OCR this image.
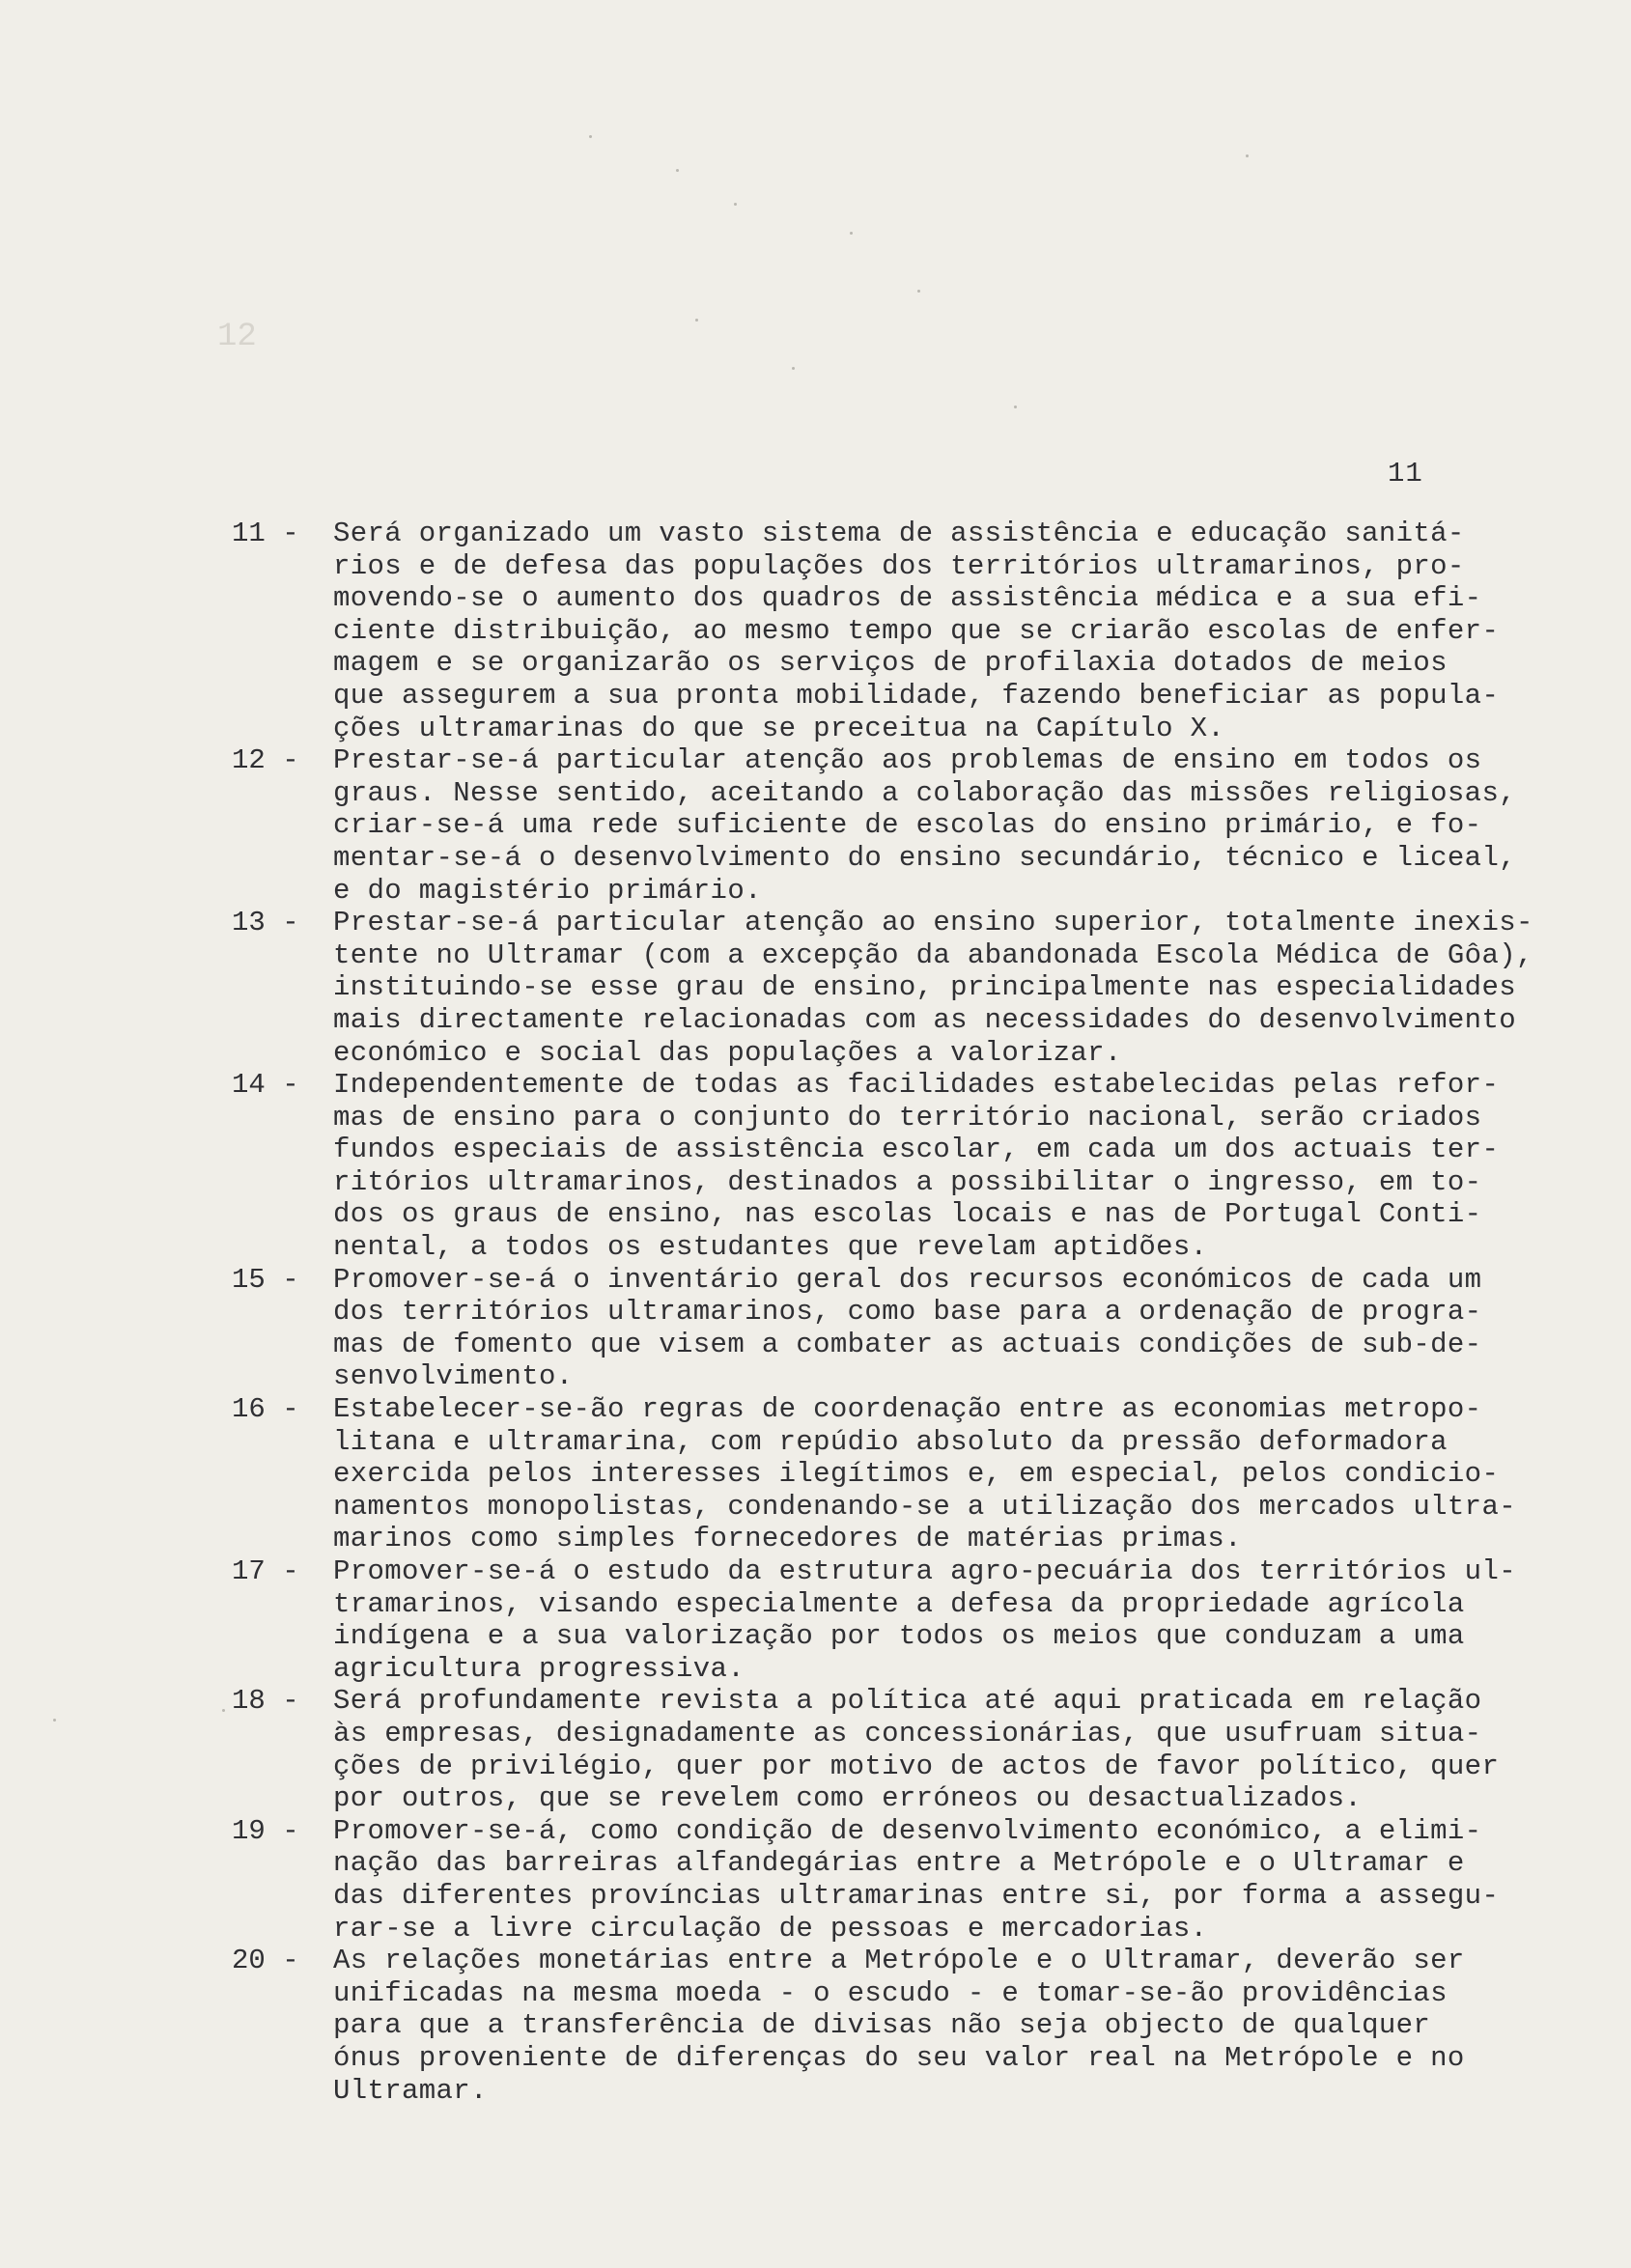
12
11
11 -	Será organizado um vasto sistema de assistência e educação sanitá-
rios e de defesa das populações dos territórios ultramarinos, pro-
movendo-se o aumento dos quadros de assistência médica e a sua efi-
ciente distribuição, ao mesmo tempo que se criarão escolas de enfer-
magem e se organizarão os serviços de profilaxia dotados de meios
que assegurem a sua pronta mobilidade, fazendo beneficiar as popula-
ções ultramarinas do que se preceitua na Capítulo X.
12 -	Prestar-se-á particular atenção aos problemas de ensino em todos os
graus. Nesse sentido, aceitando a colaboração das missões religiosas,
criar-se-á uma rede suficiente de escolas do ensino primário, e fo-
mentar-se-á o desenvolvimento do ensino secundário, técnico e liceal,
e do magistério primário.
13 -	Prestar-se-á particular atenção ao ensino superior, totalmente inexis-
tente no Ultramar (com a excepção da abandonada Escola Médica de Gôa),
instituindo-se esse grau de ensino, principalmente nas especialidades
mais directamente relacionadas com as necessidades do desenvolvimento
económico e social das populações a valorizar.
14 -	Independentemente de todas as facilidades estabelecidas pelas refor-
mas de ensino para o conjunto do território nacional, serão criados
fundos especiais de assistência escolar, em cada um dos actuais ter-
ritórios ultramarinos, destinados a possibilitar o ingresso, em to-
dos os graus de ensino, nas escolas locais e nas de Portugal Conti-
nental, a todos os estudantes que revelam aptidões.
15 -	Promover-se-á o inventário geral dos recursos económicos de cada um
dos territórios ultramarinos, como base para a ordenação de progra-
mas de fomento que visem a combater as actuais condições de sub-de-
senvolvimento.
16 -	Estabelecer-se-ão regras de coordenação entre as economias metropo-
litana e ultramarina, com repúdio absoluto da pressão deformadora
exercida pelos interesses ilegítimos e, em especial, pelos condicio-
namentos monopolistas, condenando-se a utilização dos mercados ultra-
marinos como simples fornecedores de matérias primas.
17 -	Promover-se-á o estudo da estrutura agro-pecuária dos territórios ul-
tramarinos, visando especialmente a defesa da propriedade agrícola
indígena e a sua valorização por todos os meios que conduzam a uma
agricultura progressiva.
18 -	Será profundamente revista a política até aqui praticada em relação
às empresas, designadamente as concessionárias, que usufruam situa-
ções de privilégio, quer por motivo de actos de favor político, quer
por outros, que se revelem como erróneos ou desactualizados.
19 -	Promover-se-á, como condição de desenvolvimento económico, a elimi-
nação das barreiras alfandegárias entre a Metrópole e o Ultramar e
das diferentes províncias ultramarinas entre si, por forma a assegu-
rar-se a livre circulação de pessoas e mercadorias.
20 -	As relações monetárias entre a Metrópole e o Ultramar, deverão ser
unificadas na mesma moeda - o escudo - e tomar-se-ão providências
para que a transferência de divisas não seja objecto de qualquer
ónus proveniente de diferenças do seu valor real na Metrópole e no
Ultramar.
